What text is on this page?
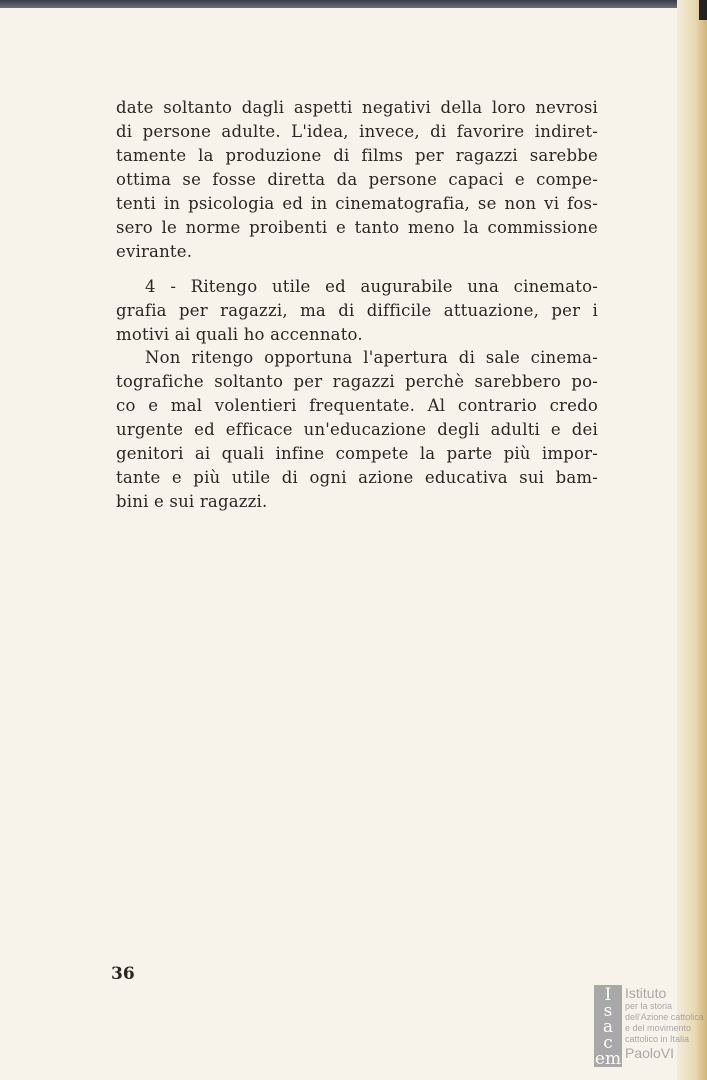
date soltanto dagli aspetti negativi della loro nevrosi
di persone adulte. L'idea, invece, di favorire indiret-
tamente la produzione di films per ragazzi sarebbe
ottima se fosse diretta da persone capaci e compe-
tenti in psicologia ed in cinematografia, se non vi fos-
sero le norme proibenti e tanto meno la commissione
evirante.
4 - Ritengo utile ed augurabile una cinemato-
grafia per ragazzi, ma di difficile attuazione, per i
motivi ai quali ho accennato.
Non ritengo opportuna l'apertura di sale cinema-
tografiche soltanto per ragazzi perchè sarebbero po-
co e mal volentieri frequentate. Al contrario credo
urgente ed efficace un'educazione degli adulti e dei
genitori ai quali infine compete la parte più impor-
tante e più utile di ogni azione educativa sui bam-
bini e sui ragazzi.
36
I
s
a
c
em
Istituto
per la storia
dell'Azione cattolica
e del movimento
cattolico in Italia
PaoloVI
